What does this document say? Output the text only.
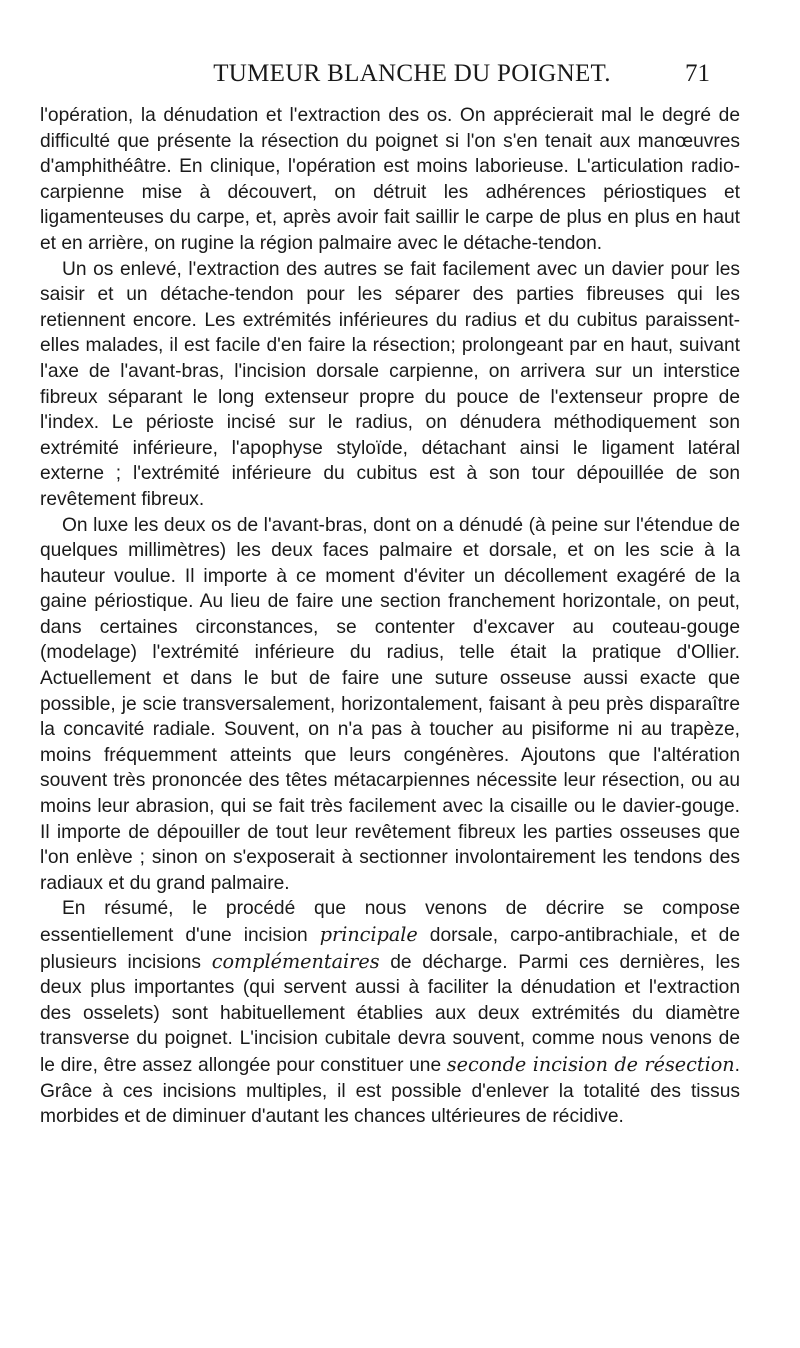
TUMEUR BLANCHE DU POIGNET.	71

l'opération, la dénudation et l'extraction des os. On apprécierait mal le degré de difficulté que présente la résection du poignet si l'on s'en tenait aux manœuvres d'amphithéâtre. En clinique, l'opération est moins laborieuse. L'articulation radio-carpienne mise à découvert, on détruit les adhérences périostiques et ligamenteuses du carpe, et, après avoir fait saillir le carpe de plus en plus en haut et en arrière, on rugine la région palmaire avec le détache-tendon.

Un os enlevé, l'extraction des autres se fait facilement avec un davier pour les saisir et un détache-tendon pour les séparer des parties fibreuses qui les retiennent encore. Les extrémités inférieures du radius et du cubitus paraissent-elles malades, il est facile d'en faire la résection; prolongeant par en haut, suivant l'axe de l'avant-bras, l'incision dorsale carpienne, on arrivera sur un interstice fibreux séparant le long extenseur propre du pouce de l'extenseur propre de l'index. Le périoste incisé sur le radius, on dénudera méthodiquement son extrémité inférieure, l'apophyse styloïde, détachant ainsi le ligament latéral externe ; l'extrémité inférieure du cubitus est à son tour dépouillée de son revêtement fibreux.

On luxe les deux os de l'avant-bras, dont on a dénudé (à peine sur l'étendue de quelques millimètres) les deux faces palmaire et dorsale, et on les scie à la hauteur voulue. Il importe à ce moment d'éviter un décollement exagéré de la gaine périostique. Au lieu de faire une section franchement horizontale, on peut, dans certaines circonstances, se contenter d'excaver au couteau-gouge (modelage) l'extrémité inférieure du radius, telle était la pratique d'Ollier. Actuellement et dans le but de faire une suture osseuse aussi exacte que possible, je scie transversalement, horizontalement, faisant à peu près disparaître la concavité radiale. Souvent, on n'a pas à toucher au pisiforme ni au trapèze, moins fréquemment atteints que leurs congénères. Ajoutons que l'altération souvent très prononcée des têtes métacarpiennes nécessite leur résection, ou au moins leur abrasion, qui se fait très facilement avec la cisaille ou le davier-gouge. Il importe de dépouiller de tout leur revêtement fibreux les parties osseuses que l'on enlève ; sinon on s'exposerait à sectionner involontairement les tendons des radiaux et du grand palmaire.

En résumé, le procédé que nous venons de décrire se compose essentiellement d'une incision principale dorsale, carpo-antibrachiale, et de plusieurs incisions complémentaires de décharge. Parmi ces dernières, les deux plus importantes (qui servent aussi à faciliter la dénudation et l'extraction des osselets) sont habituellement établies aux deux extrémités du diamètre transverse du poignet. L'incision cubitale devra souvent, comme nous venons de le dire, être assez allongée pour constituer une seconde incision de résection. Grâce à ces incisions multiples, il est possible d'enlever la totalité des tissus morbides et de diminuer d'autant les chances ultérieures de récidive.
